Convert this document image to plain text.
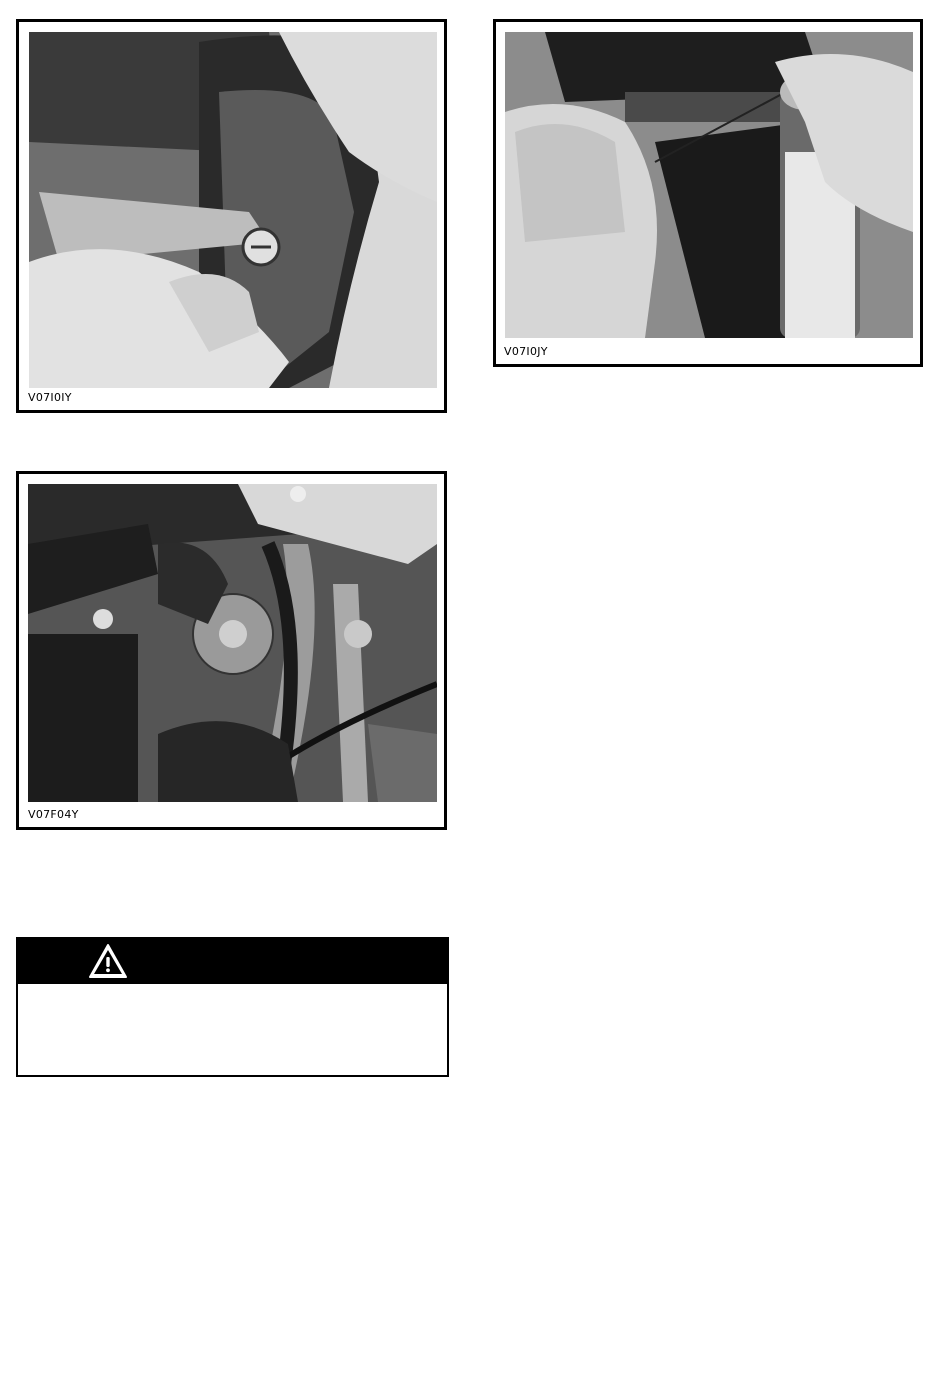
V07I0IY
V07I0JY
V07F04Y
